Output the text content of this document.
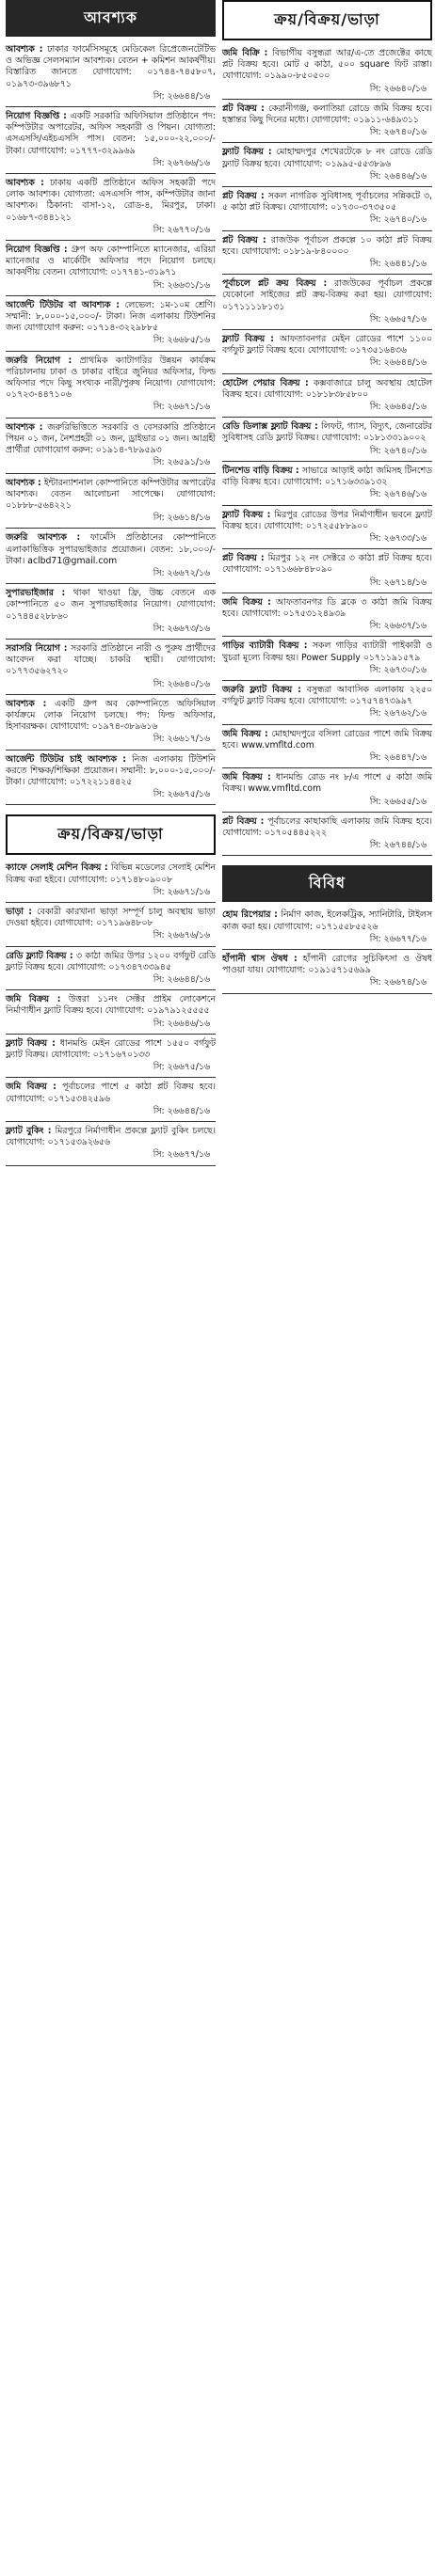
আবশ্যক
আবশ্যক : ঢাকার ফার্মেসিসমূহে মেডিকেল রিপ্রেজেনটেটিভ ও অভিজ্ঞ সেলসম্যান আবশ্যক। বেতন + কমিশন আকর্ষণীয়। বিস্তারিত জানতে যোগাযোগ: ০১৭৪৪-৭৪৫৮০৭, ০১৯৭৩-৩৯৬৮৭১
সি: ২৬৬৪৪/১৬
নিয়োগ বিজ্ঞপ্তি : একটি সরকারি অফিসিয়াল প্রতিষ্ঠানে পদ: কম্পিউটার অপারেটর, অফিস সহকারী ও পিয়ন। যোগ্যতা: এসএসসি/এইচএসসি পাস। বেতন: ১৫,০০০-২২,০০০/- টাকা। যোগাযোগ: ০১৭৭৭-৩২৯৯৬৯
সি: ২৬৭৬৬/১৬
আবশ্যক : ঢাকায় একটি প্রতিষ্ঠানে অফিস সহকারী পদে লোক আবশ্যক। যোগ্যতা: এসএসসি পাস, কম্পিউটার জানা আবশ্যক। ঠিকানা: বাসা-১২, রোড-৪, মিরপুর, ঢাকা। ০১৬৮৭-৩৪৪১২১
সি: ২৬৭৭০/১৬
নিয়োগ বিজ্ঞপ্তি : গ্রুপ অফ কোম্পানিতে ম্যানেজার, এরিয়া ম্যানেজার ও মার্কেটিং অফিসার পদে নিয়োগ চলছে। আকর্ষণীয় বেতন। যোগাযোগ: ০১৭৭৪১-৩১৯৭১
সি: ২৬৬৩১/১৬
আর্জেন্ট টিউটর বা আবশ্যক : লেভেল: ১ম-১০ম শ্রেণি। সম্মানী: ৮,০০০-১৫,০০০/- টাকা। নিজ এলাকায় টিউশনির জন্য যোগাযোগ করুন: ০১৭১৪-৩২২৯৮৮৫
সি: ২৬৬৮৫/১৬
জরুরি নিয়োগ : প্রাথমিক ক্যাটাগরির উন্নয়ন কার্যক্রম পরিচালনায় ঢাকা ও ঢাকার বাইরে জুনিয়র অফিসার, ফিল্ড অফিসার পদে কিছু সংখ্যক নারী/পুরুষ নিয়োগ। যোগাযোগ: ০১৭২৩-৪৪৭১০৬
সি: ২৬৬৭১/১৬
আবশ্যক : জরুরিভিত্তিতে সরকারি ও বেসরকারি প্রতিষ্ঠানে পিয়ন ০১ জন, নৈশপ্রহরী ০১ জন, ড্রাইভার ০১ জন। আগ্রহী প্রার্থীরা যোগাযোগ করুন: ০১৯১৪-৭৮৯৫৯৩
সি: ২৬৫৯১/১৬
আবশ্যক : ইন্টারন্যাশনাল কোম্পানিতে কম্পিউটার অপারেটর আবশ্যক। বেতন আলোচনা সাপেক্ষে। যোগাযোগ: ০১৮৮৮-৫৬৪২২১
সি: ২৬৬১৪/১৬
জরুরি আবশ্যক : ফার্মেসি প্রতিষ্ঠানের কোম্পানিতে এলাকাভিত্তিক সুপারভাইজার প্রয়োজন। বেতন: ১৮,০০০/- টাকা। aclbd71@gmail.com
সি: ২৬৬৭২/১৬
সুপারভাইজার : থাকা খাওয়া ফ্রি, উচ্চ বেতনে এক কোম্পানিতে ৫০ জন সুপারভাইজার নিয়োগ। যোগাযোগ: ০১৭৪৪৫২৮৮৬০
সি: ২৬৬৭৩/১৬
সরাসরি নিয়োগ : সরকারি প্রতিষ্ঠানে নারী ও পুরুষ প্রার্থীদের আবেদন করা যাচ্ছে। চাকরি স্থায়ী। যোগাযোগ: ০১৭৭৩৫৬২৭২০
সি: ২৬৬৪০/১৬
আবশ্যক : একটি গ্রুপ অব কোম্পানিতে অফিসিয়াল কার্যক্রমে লোক নিয়োগ চলছে। পদ: ফিল্ড অফিসার, হিসাবরক্ষক। যোগাযোগ: ০১৯৭৪-৩৮৯৬১৬
সি: ২৬৬১৭/১৬
আর্জেন্ট টিউটর চাই আবশ্যক : নিজ এলাকায় টিউশনি করতে শিক্ষক/শিক্ষিকা প্রয়োজন। সম্মানী: ৮,০০০-১৫,০০০/- টাকা। যোগাযোগ: ০১৭২২১১৪৪২৫
সি: ২৬৬৭৫/১৬
ক্রয়/বিক্রয়/ভাড়া
ক্যাফে সেলাই মেশিন বিক্রয় : বিভিন্ন মডেলের সেলাই মেশিন বিক্রয় করা হইবে। যোগাযোগ: ০১৭১৪৮০৯০০৮
সি: ২৬৬৭১/১৬
ভাড়া : বেকারী কারখানা ভাড়া সম্পূর্ণ চালু অবস্থায় ভাড়া দেওয়া হইবে। যোগাযোগ: ০১৭১৯৬৪৮০৮
সি: ২৬৬৭৬/১৬
রেডি ফ্ল্যাট বিক্রয় : ৩ কাঠা জমির উপর ১২০০ বর্গফুট রেডি ফ্ল্যাট বিক্রয় হবে। যোগাযোগ: ০১৭৩৪৭৩৩৯৪৫
সি: ২৬৬৪৪/১৬
জমি বিক্রয় : উত্তরা ১১নং সেক্টর প্রাইম লোকেশনে নির্মাণাধীন ফ্ল্যাট বিক্রয় হবে। যোগাযোগ: ০১৯৭৯১২৫৫৫৫
সি: ২৬৬৪৬/১৬
ফ্ল্যাট বিক্রয় : ধানমন্ডি মেইন রোডের পাশে ১৫৫০ বর্গফুট ফ্ল্যাট বিক্রয়। যোগাযোগ: ০১৭১৬৭০১৩৩
সি: ২৬৬৭৫/১৬
জমি বিক্রয় : পূর্বাচলের পাশে ৫ কাঠা প্লট বিক্রয় হবে। যোগাযোগ: ০১৭১৫৩৪২৫৯৬
সি: ২৬৬৪৪/১৬
ফ্ল্যাট বুকিং : মিরপুরে নির্মাণাধীন প্রকল্পে ফ্ল্যাট বুকিং চলছে। যোগাযোগ: ০১৭১৫৩৯২৬৫৬
সি: ২৬৬৭৭/১৬
ক্রয়/বিক্রয়/ভাড়া
জমি বিক্রি : বিভাগীয় বসুন্ধরা আর/এ-তে প্রজেক্টের কাছে প্লট বিক্রয় হবে। মোট ৫ কাঠা, ৫০০ square ফিট রাস্তা। যোগাযোগ: ০১৯৯০-৮৫০৫০০
সি: ২৬৬৪০/১৬
প্লট বিক্রয় : কেরানীগঞ্জ, কলাতিয়া রোডে জমি বিক্রয় হবে। হস্তান্তর কিছু দিনের মধ্যে। যোগাযোগ: ০১৯১১-৬৪৯৩১১
সি: ২৬৭৪০/১৬
ফ্ল্যাট বিক্রয় : মোহাম্মদপুর শেখেরটেকে ৮ নং রোডে রেডি ফ্ল্যাট বিক্রয় হবে। যোগাযোগ: ০১৯৯৫-৫৫৩৮৯৬
সি: ২৬৪৪৬/১৬
প্লট বিক্রয় : সকল নাগরিক সুবিধাসহ পূর্বাচলের সন্নিকটে ৩, ৫ কাঠা প্লট বিক্রয়। যোগাযোগ: ০১৭৩০-৩৭৩৫০৫
সি: ২৬৭৪০/১৬
প্লট বিক্রয় : রাজউক পূর্বাচল প্রকল্পে ১০ কাঠা প্লট বিক্রয় হবে। যোগাযোগ: ০১৮১৯-৮৪০০০০
সি: ২৬৪৪১/১৬
পূর্বাচলে প্লট ক্রয় বিক্রয় : রাজউকের পূর্বাচল প্রকল্পে যেকোনো সাইজের প্লট ক্রয়-বিক্রয় করা হয়। যোগাযোগ: ০১৭১১১১৮১৩১
সি: ২৬৬৫৭/১৬
ফ্ল্যাট বিক্রয় : আফতাবনগর মেইন রোডের পাশে ১১০০ বর্গফুট ফ্ল্যাট বিক্রয় হবে। যোগাযোগ: ০১৭৩৫১৬৪৩৬
সি: ২৬৬৪৪/১৬
হোটেল পেয়ার বিক্রয় : কক্সবাজারে চালু অবস্থায় হোটেল বিক্রয় হবে। যোগাযোগ: ০১৮১৮৩৮৫৮০০
সি: ২৬৬৪৫/১৬
রেডি ডিলাক্স ফ্ল্যাট বিক্রয় : লিফট, গ্যাস, বিদ্যুৎ, জেনারেটর সুবিধাসহ রেডি ফ্ল্যাট বিক্রয়। যোগাযোগ: ০১৮১৩৩১৯০০২
সি: ২৬৭৪০/১৬
টিনশেড বাড়ি বিক্রয় : সাভারে আড়াই কাঠা জমিসহ টিনশেড বাড়ি বিক্রয় হবে। যোগাযোগ: ০১৭১৬৩৩৯১৩২
সি: ২৬৭৪৬/১৬
ফ্ল্যাট বিক্রয় : মিরপুর রোডের উপর নির্মাণাধীন ভবনে ফ্ল্যাট বিক্রয় হবে। যোগাযোগ: ০১৭২৫৫৮৮৯০০
সি: ২৬৭৩৩/১৬
প্লট বিক্রয় : মিরপুর ১২ নং সেক্টরে ৩ কাঠা প্লট বিক্রয় হবে। যোগাযোগ: ০১৭১৬৬৮৪৮০৯০
সি: ২৬৭১৪/১৬
জমি বিক্রয় : আফতাবনগর ডি ব্লকে ৩ কাঠা জমি বিক্রয় হবে। যোগাযোগ: ০১৭৫৩১২৪৯৩৯
সি: ২৬৬৩৭/১৬
গাড়ির ব্যাটারী বিক্রয় : সকল গাড়ির ব্যাটারী পাইকারী ও খুচরা মূল্যে বিক্রয় হয়। Power Supply ০১৭১১৯১৫৭৯
সি: ২৬৭৩০/১৬
জরুরি ফ্ল্যাট বিক্রয় : বসুন্ধরা আবাসিক এলাকায় ২২৫০ বর্গফুট ফ্ল্যাট বিক্রয় হবে। যোগাযোগ: ০১৭৫৭৪৭৩৯৯৭
সি: ২৬৭৬২/১৬
জমি বিক্রয় : মোহাম্মদপুরে বসিলা রোডের পাশে জমি বিক্রয় হবে। www.vmfltd.com
সি: ২৬৪৪৭/১৬
জমি বিক্রয় : ধানমন্ডি রোড নং ৮/এ পাশে ৫ কাঠা জমি বিক্রয়। www.vmfltd.com
সি: ২৬৬৫৫/১৬
প্লট বিক্রয় : পূর্বাচলের কাছাকাছি এলাকায় জমি বিক্রয় হবে। যোগাযোগ: ০১৭০৫৪৪৫২২২
সি: ২৬৭৪৪/১৬
বিবিধ
হোম রিপেয়ার : নির্মাণ কাজ, ইলেকট্রিক, স্যানিটারি, টাইলস কাজ করা হয়। যোগাযোগ: ০১৭১৫৫৮৫৫২৬
সি: ২৬৬৭৭/১৬
হাঁপানী শ্বাস ঔষধ : হাঁপানী রোগের সুচিকিৎসা ও ঔষধ পাওয়া যায়। যোগাযোগ: ০১৯১৫৭১৫৬৯৯
সি: ২৬৬৭৪/১৬
